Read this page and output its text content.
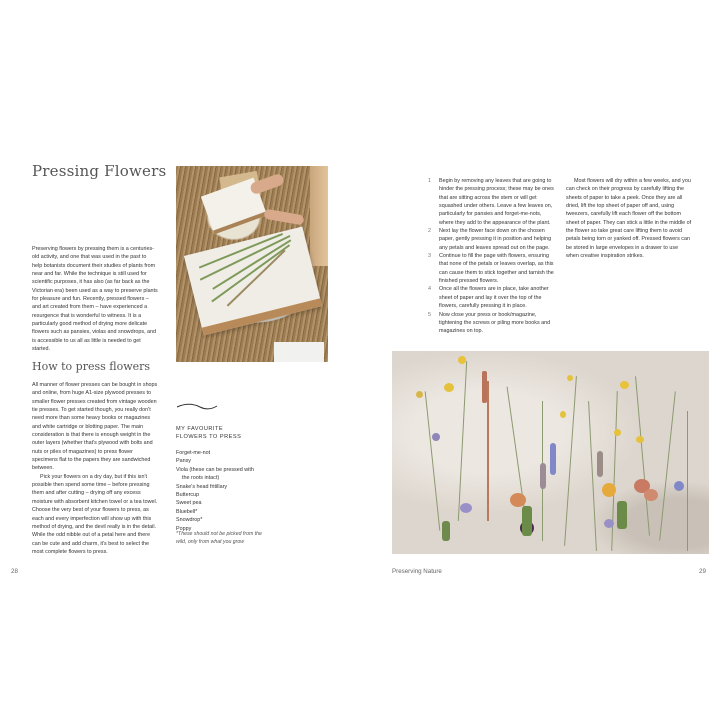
Pressing Flowers

Preserving flowers by pressing them is a centuries-old activity, and one that was used in the past to help botanists document their studies of plants from near and far. While the technique is still used for scientific purposes, it has also (as far back as the Victorian era) been used as a way to preserve plants for pleasure and fun. Recently, pressed flowers – and art created from them – have experienced a resurgence that is wonderful to witness. It is a particularly good method of drying more delicate flowers such as pansies, violas and snowdrops, and is accessible to us all as little is needed to get started.

How to press flowers

All manner of flower presses can be bought in shops and online, from huge A1-size plywood presses to smaller flower presses created from vintage wooden tie presses. To get started though, you really don't need more than some heavy books or magazines and white cartridge or blotting paper. The main consideration is that there is enough weight in the outer layers (whether that's plywood with bolts and nuts or piles of magazines) to press flower specimens flat to the papers they are sandwiched between.

Pick your flowers on a dry day, but if this isn't possible then spend some time – before pressing them and after cutting – drying off any excess moisture with absorbent kitchen towel or a tea towel. Choose the very best of your flowers to press, as each and every imperfection will show up with this method of drying, and the devil really is in the detail. While the odd nibble out of a petal here and there can be cute and add charm, it's best to select the most complete flowers to press.

MY FAVOURITE
FLOWERS TO PRESS
Forget-me-not
Pansy
Viola (these can be pressed with
the roots intact)
Snake's head fritillary
Buttercup
Sweet pea
Bluebell*
Snowdrop*
Poppy
*These should not be picked from the wild, only from what you grow
28
1 Begin by removing any leaves that are going to hinder the pressing process; these may be ones that are sitting across the stem or will get squashed under others. Leave a few leaves on, particularly for pansies and forget-me-nots, where they add to the appearance of the plant.
2 Next lay the flower face down on the chosen paper, gently pressing it in position and helping any petals and leaves spread out on the page.
3 Continue to fill the page with flowers, ensuring that none of the petals or leaves overlap, as this can cause them to stick together and tarnish the finished pressed flowers.
4 Once all the flowers are in place, take another sheet of paper and lay it over the top of the flowers, carefully pressing it in place.
5 Now close your press or book/magazine, tightening the screws or piling more books and magazines on top.

Most flowers will dry within a few weeks, and you can check on their progress by carefully lifting the sheets of paper to take a peek. Once they are all dried, lift the top sheet of paper off and, using tweezers, carefully lift each flower off the bottom sheet of paper. They can stick a little in the middle of the flower so take great care lifting them to avoid petals being torn or yanked off. Pressed flowers can be stored in large envelopes in a drawer to use when creative inspiration strikes.

Preserving Nature	29
